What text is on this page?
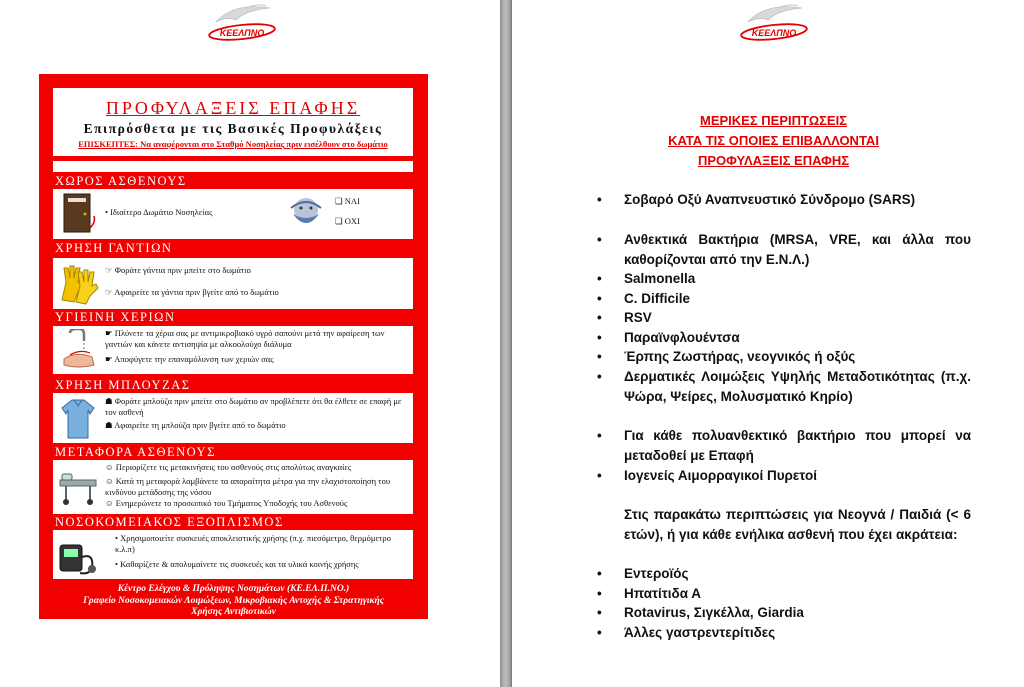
ΚΕΕΛΠΝΟ	ΚΕΕΛΠΝΟ
ΠΡΟΦΥΛΑΞΕΙΣ ΕΠΑΦΗΣ
Επιπρόσθετα με τις Βασικές Προφυλάξεις
ΕΠΙΣΚΕΠΤΕΣ: Να αναφέρονται στο Σταθμό Νοσηλείας πριν εισέλθουν στο δωμάτιο
ΧΩΡΟΣ ΑΣΘΕΝΟΥΣ
• Ιδιαίτερο Δωμάτιο Νοσηλείας
❑ ΝΑΙ
❑ ΟΧΙ
ΧΡΗΣΗ ΓΑΝΤΙΩΝ
☞ Φοράτε γάντια πριν μπείτε στο δωμάτιο
☞ Αφαιρείτε τα γάντια πριν βγείτε από το δωμάτιο
ΥΓΙΕΙΝΗ ΧΕΡΙΩΝ
☛ Πλύνετε τα χέρια σας με αντιμικροβιακό υγρό σαπούνι μετά την αφαίρεση των γαντιών και κάνετε αντισηψία με αλκοολούχο διάλυμα
☛ Αποφύγετε την επαναμόλυνση των χεριών σας
ΧΡΗΣΗ ΜΠΛΟΥΖΑΣ
☗ Φοράτε μπλούζα πριν μπείτε στο δωμάτιο αν προβλέπετε ότι θα έλθετε σε επαφή με τον ασθενή
☗ Αφαιρείτε τη μπλούζα πριν βγείτε από το δωμάτιο
ΜΕΤΑΦΟΡΑ ΑΣΘΕΝΟΥΣ
☺ Περιορίζετε τις μετακινήσεις του ασθενούς στις απολύτως αναγκαίες
☺ Κατά τη μεταφορά λαμβάνετε τα απαραίτητα μέτρα για την ελαχιστοποίηση του κινδύνου μετάδοσης της νόσου
☺ Ενημερώνετε το προσωπικό του Τμήματος Υποδοχής του Ασθενούς
ΝΟΣΟΚΟΜΕΙΑΚΟΣ ΕΞΟΠΛΙΣΜΟΣ
• Χρησιμοποιείτε συσκευές αποκλειστικής χρήσης (π.χ. πιεσόμετρο, θερμόμετρο κ.λ.π)
• Καθαρίζετε & απολυμαίνετε τις συσκευές και τα υλικά κοινής χρήσης
Κέντρο Ελέγχου & Πρόληψης Νοσημάτων (ΚΕ.ΕΛ.Π.ΝΟ.)
Γραφείο Νοσοκομειακών Λοιμώξεων, Μικροβιακής Αντοχής & Στρατηγικής
Χρήσης Αντιβιοτικών
ΜΕΡΙΚΕΣ ΠΕΡΙΠΤΩΣΕΙΣ
ΚΑΤΑ ΤΙΣ ΟΠΟΙΕΣ ΕΠΙΒΑΛΛΟΝΤΑΙ
ΠΡΟΦΥΛΑΞΕΙΣ ΕΠΑΦΗΣ
• Σοβαρό Οξύ Αναπνευστικό Σύνδρομο (SARS)
• Ανθεκτικά Βακτήρια (MRSA, VRE, και άλλα που καθορίζονται από την Ε.Ν.Λ.)
• Salmonella
• C. Difficile
• RSV
• Παραϊνφλουέντσα
• Έρπης Ζωστήρας, νεογνικός ή οξύς
• Δερματικές Λοιμώξεις Υψηλής Μεταδοτικότητας (π.χ. Ψώρα, Ψείρες, Μολυσματικό Κηρίο)
• Για κάθε πολυανθεκτικό βακτήριο που μπορεί να μεταδοθεί με Επαφή
• Ιογενείς Αιμορραγικοί Πυρετοί
Στις παρακάτω περιπτώσεις για Νεογνά / Παιδιά (< 6 ετών), ή για κάθε ενήλικα ασθενή που έχει ακράτεια:
• Εντεροϊός
• Ηπατίτιδα Α
• Rotavirus, Σιγκέλλα, Giardia
• Άλλες γαστρεντερίτιδες
